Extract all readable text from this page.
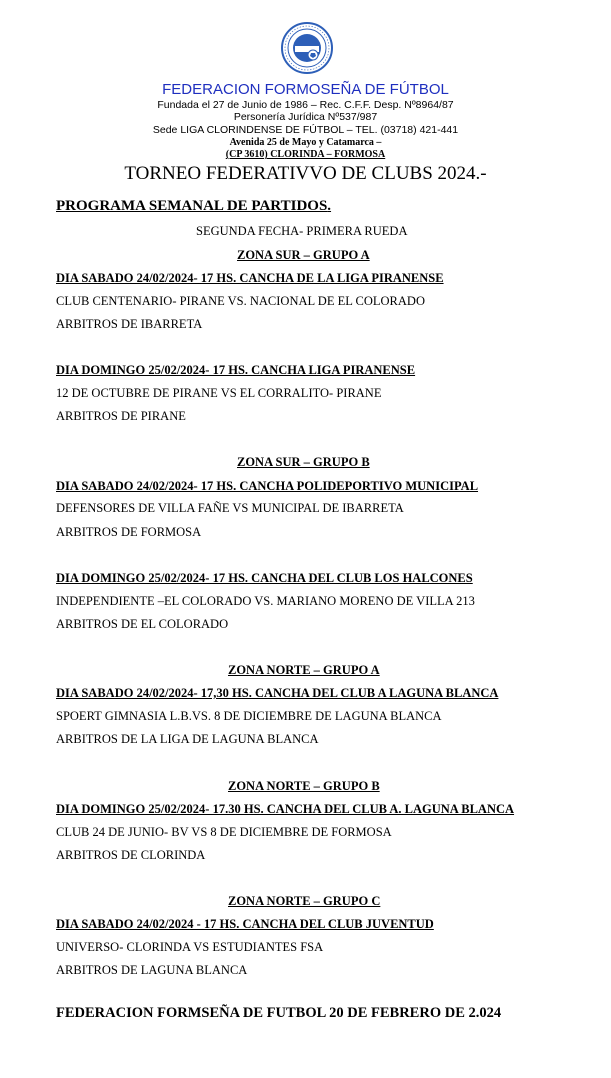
FEDERACION FORMOSEÑA DE FÚTBOL
Fundada el 27 de Junio de 1986 – Rec. C.F.F. Desp. Nº8964/87
Personería Jurídica Nº537/987
Sede LIGA CLORINDENSE DE FÚTBOL – TEL. (03718) 421-441
Avenida 25 de Mayo y Catamarca –
(CP 3610) CLORINDA – FORMOSA
TORNEO FEDERATIVVO DE CLUBS 2024.-
PROGRAMA SEMANAL DE PARTIDOS.
SEGUNDA FECHA- PRIMERA RUEDA
ZONA SUR – GRUPO A
DIA SABADO 24/02/2024- 17 HS. CANCHA DE LA LIGA PIRANENSE
CLUB CENTENARIO- PIRANE VS. NACIONAL DE EL COLORADO
ARBITROS DE IBARRETA
DIA DOMINGO 25/02/2024- 17 HS. CANCHA LIGA PIRANENSE
12 DE OCTUBRE DE PIRANE VS EL CORRALITO- PIRANE
ARBITROS DE PIRANE
ZONA SUR – GRUPO B
DIA SABADO 24/02/2024- 17 HS. CANCHA POLIDEPORTIVO MUNICIPAL
DEFENSORES DE VILLA FAÑE VS MUNICIPAL DE IBARRETA
ARBITROS DE FORMOSA
DIA DOMINGO 25/02/2024- 17 HS. CANCHA DEL CLUB LOS HALCONES
INDEPENDIENTE –EL COLORADO VS. MARIANO MORENO DE VILLA 213
ARBITROS DE EL COLORADO
ZONA NORTE – GRUPO A
DIA SABADO 24/02/2024- 17,30 HS. CANCHA DEL CLUB A LAGUNA BLANCA
SPOERT GIMNASIA L.B.VS. 8 DE DICIEMBRE DE LAGUNA BLANCA
ARBITROS DE LA LIGA DE LAGUNA BLANCA
ZONA NORTE – GRUPO B
DIA DOMINGO 25/02/2024- 17.30 HS. CANCHA DEL CLUB A. LAGUNA BLANCA
CLUB 24 DE JUNIO- BV VS 8 DE DICIEMBRE DE FORMOSA
ARBITROS DE CLORINDA
ZONA NORTE – GRUPO C
DIA SABADO 24/02/2024 - 17 HS. CANCHA DEL CLUB JUVENTUD
UNIVERSO- CLORINDA VS ESTUDIANTES FSA
ARBITROS DE LAGUNA BLANCA
FEDERACION FORMSEÑA DE FUTBOL 20 DE FEBRERO DE 2.024
